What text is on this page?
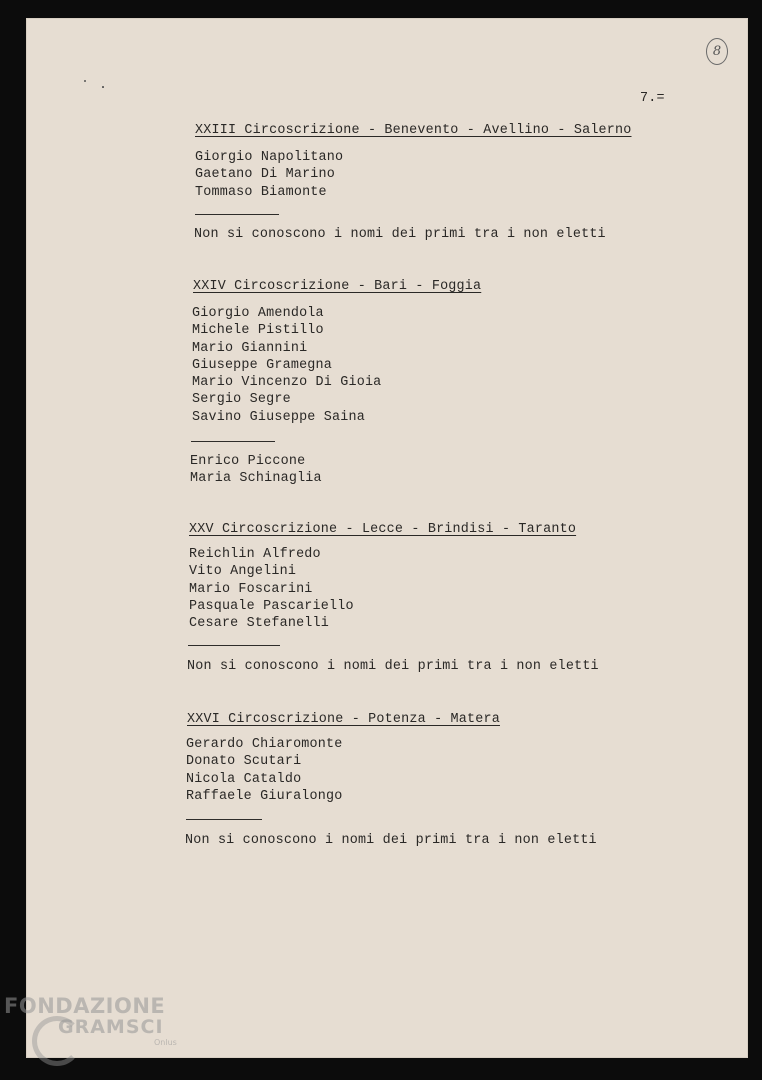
8
7.=
XXIII Circoscrizione - Benevento - Avellino - Salerno
Giorgio Napolitano
Gaetano Di Marino
Tommaso Biamonte
Non si conoscono i nomi dei primi tra i non eletti
XXIV Circoscrizione - Bari - Foggia
Giorgio Amendola
Michele Pistillo
Mario Giannini
Giuseppe Gramegna
Mario Vincenzo Di Gioia
Sergio Segre
Savino Giuseppe Saina
Enrico Piccone
Maria Schinaglia
XXV Circoscrizione - Lecce - Brindisi - Taranto
Reichlin Alfredo
Vito Angelini
Mario Foscarini
Pasquale Pascariello
Cesare Stefanelli
Non si conoscono i nomi dei primi tra i non eletti
XXVI Circoscrizione - Potenza - Matera
Gerardo Chiaromonte
Donato Scutari
Nicola Cataldo
Raffaele Giuralongo
Non si conoscono i nomi dei primi tra i non eletti
FONDAZIONE
GRAMSCI
Onlus
